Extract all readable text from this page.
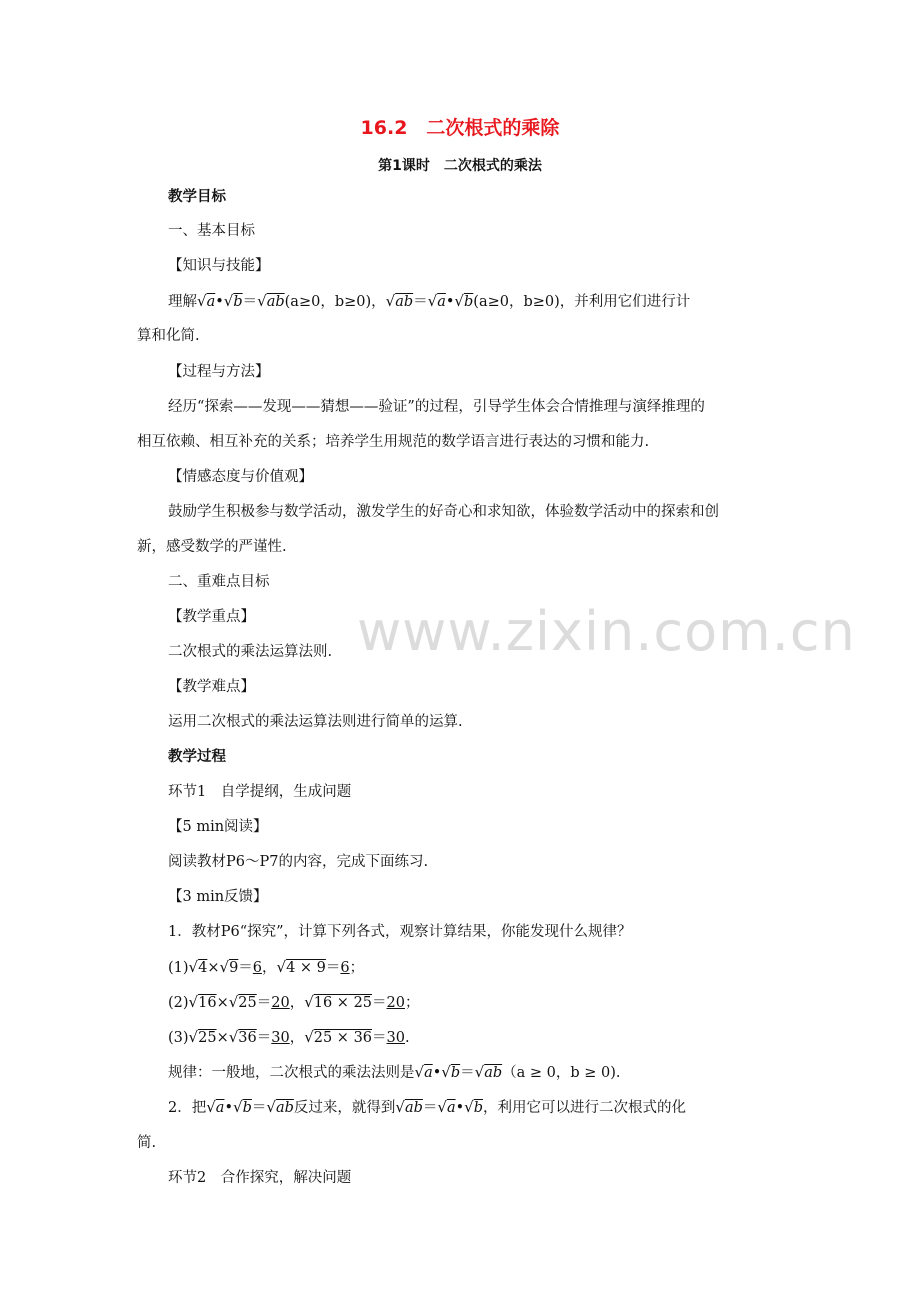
16.2　二次根式的乘除
第1课时　二次根式的乘法
教学目标
一、基本目标
【知识与技能】
理解√a•√b＝√ab(a≥0，b≥0)，√ab＝√a•√b(a≥0，b≥0)，并利用它们进行计
算和化简.
【过程与方法】
经历“探索——发现——猜想——验证”的过程，引导学生体会合情推理与演绎推理的
相互依赖、相互补充的关系；培养学生用规范的数学语言进行表达的习惯和能力.
【情感态度与价值观】
鼓励学生积极参与数学活动，激发学生的好奇心和求知欲，体验数学活动中的探索和创
新，感受数学的严谨性.
二、重难点目标
【教学重点】
二次根式的乘法运算法则.
【教学难点】
运用二次根式的乘法运算法则进行简单的运算.
教学过程
环节1　自学提纲，生成问题
【5 min阅读】
阅读教材P6～P7的内容，完成下面练习.
【3 min反馈】
1．教材P6“探究”，计算下列各式，观察计算结果，你能发现什么规律？
(1)√4×√9＝6，√4 × 9＝6；
(2)√16×√25＝20，√16 × 25＝20；
(3)√25×√36＝30，√25 × 36＝30.
规律：一般地，二次根式的乘法法则是√a•√b＝√ab（a ≥ 0，b ≥ 0).
2．把√a•√b＝√ab反过来，就得到√ab＝√a•√b，利用它可以进行二次根式的化
简.
环节2　合作探究，解决问题
www.zixin.com.cn
